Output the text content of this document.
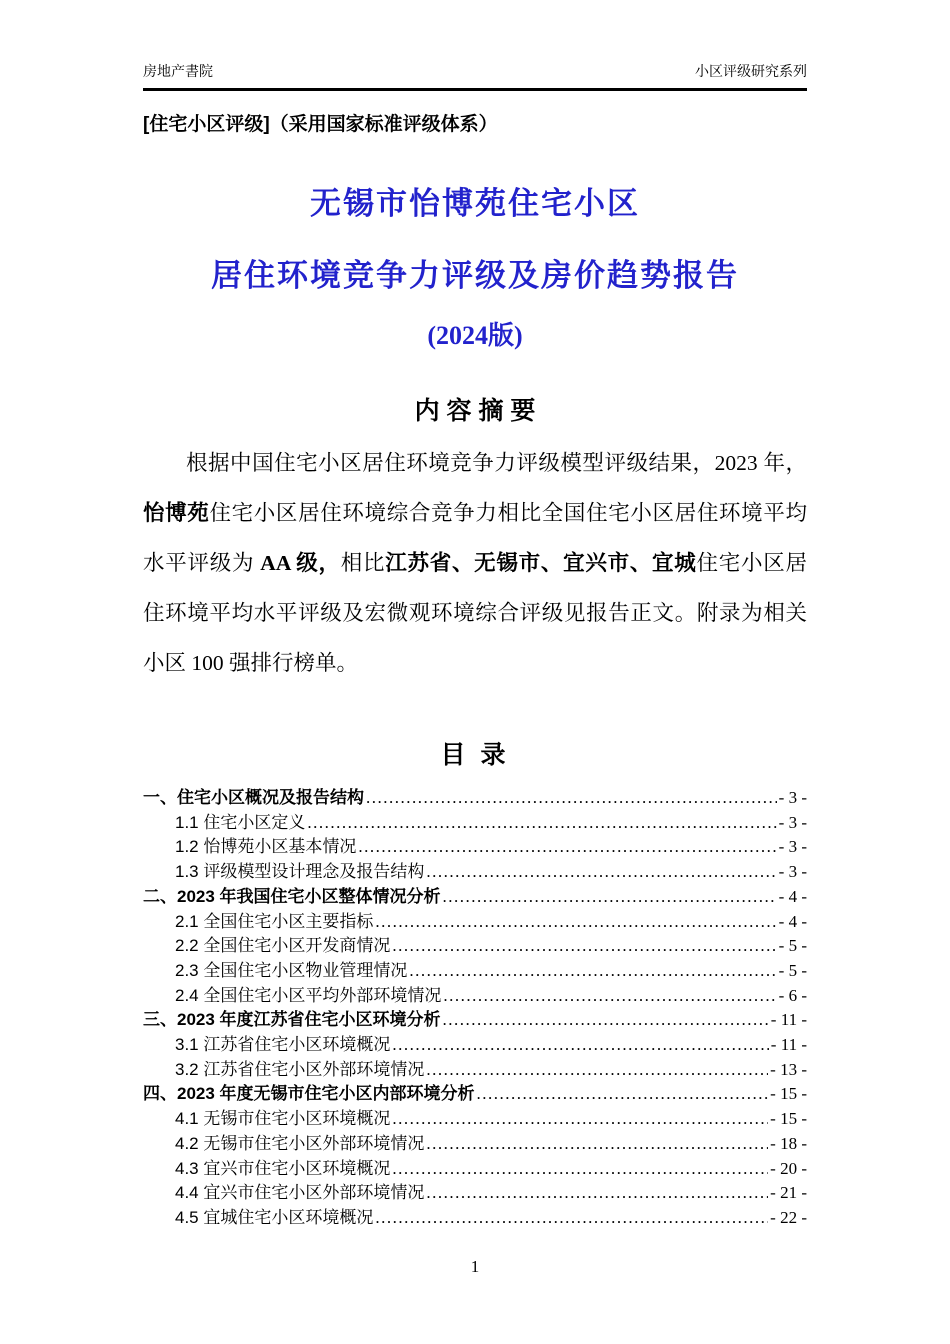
房地产書院	小区评级研究系列
[住宅小区评级]（采用国家标准评级体系）
无锡市怡博苑住宅小区
居住环境竞争力评级及房价趋势报告
(2024版)
内 容 摘 要

根据中国住宅小区居住环境竞争力评级模型评级结果，2023 年，怡博苑住宅小区居住环境综合竞争力相比全国住宅小区居住环境平均水平评级为 AA 级，相比江苏省、无锡市、宜兴市、宜城住宅小区居住环境平均水平评级及宏微观环境综合评级见报告正文。附录为相关小区 100 强排行榜单。

目 录
一、住宅小区概况及报告结构 .....	- 3 -
1.1 住宅小区定义 .....	- 3 -
1.2 怡博苑小区基本情况 .....	- 3 -
1.3 评级模型设计理念及报告结构 .....	- 3 -
二、2023 年我国住宅小区整体情况分析 .....	- 4 -
2.1 全国住宅小区主要指标 .....	- 4 -
2.2 全国住宅小区开发商情况 .....	- 5 -
2.3 全国住宅小区物业管理情况 .....	- 5 -
2.4 全国住宅小区平均外部环境情况 .....	- 6 -
三、2023 年度江苏省住宅小区环境分析 .....	- 11 -
3.1 江苏省住宅小区环境概况 .....	- 11 -
3.2 江苏省住宅小区外部环境情况 .....	- 13 -
四、2023 年度无锡市住宅小区内部环境分析 .....	- 15 -
4.1 无锡市住宅小区环境概况 .....	- 15 -
4.2 无锡市住宅小区外部环境情况 .....	- 18 -
4.3 宜兴市住宅小区环境概况 .....	- 20 -
4.4 宜兴市住宅小区外部环境情况 .....	- 21 -
4.5 宜城住宅小区环境概况 .....	- 22 -
1
